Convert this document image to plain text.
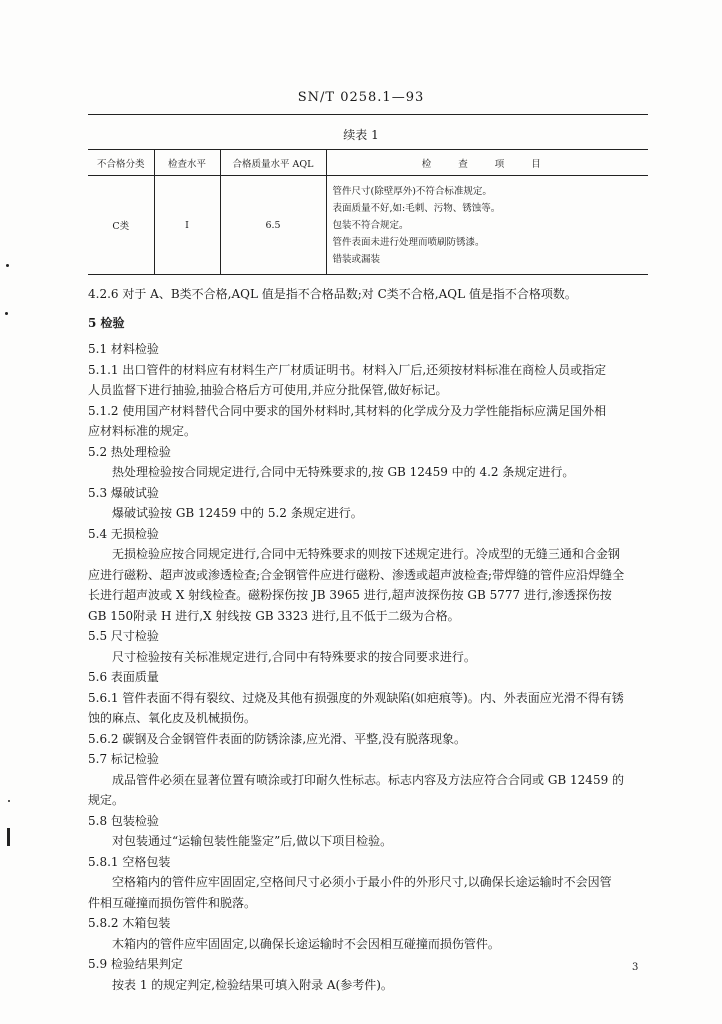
SN/T 0258.1—93
续表 1
不合格分类	检查水平	合格质量水平 AQL	检 查 项 目
C类	Ⅰ	6.5	管件尺寸(除壁厚外)不符合标准规定。
表面质量不好,如:毛刺、污物、锈蚀等。
包装不符合规定。
管件表面未进行处理而喷刷防锈漆。
错装或漏装
4.2.6 对于 A、B类不合格,AQL 值是指不合格品数;对 C类不合格,AQL 值是指不合格项数。
5 检验
5.1 材料检验
5.1.1 出口管件的材料应有材料生产厂材质证明书。材料入厂后,还须按材料标准在商检人员或指定
人员监督下进行抽验,抽验合格后方可使用,并应分批保管,做好标记。
5.1.2 使用国产材料替代合同中要求的国外材料时,其材料的化学成分及力学性能指标应满足国外相
应材料标准的规定。
5.2 热处理检验
热处理检验按合同规定进行,合同中无特殊要求的,按 GB 12459 中的 4.2 条规定进行。
5.3 爆破试验
爆破试验按 GB 12459 中的 5.2 条规定进行。
5.4 无损检验
无损检验应按合同规定进行,合同中无特殊要求的则按下述规定进行。冷成型的无缝三通和合金钢
应进行磁粉、超声波或渗透检查;合金钢管件应进行磁粉、渗透或超声波检查;带焊缝的管件应沿焊缝全
长进行超声波或 X 射线检查。磁粉探伤按 JB 3965 进行,超声波探伤按 GB 5777 进行,渗透探伤按
GB 150附录 H 进行,X 射线按 GB 3323 进行,且不低于二级为合格。
5.5 尺寸检验
尺寸检验按有关标准规定进行,合同中有特殊要求的按合同要求进行。
5.6 表面质量
5.6.1 管件表面不得有裂纹、过烧及其他有损强度的外观缺陷(如疤痕等)。内、外表面应光滑不得有锈
蚀的麻点、氧化皮及机械损伤。
5.6.2 碳钢及合金钢管件表面的防锈涂漆,应光滑、平整,没有脱落现象。
5.7 标记检验
成品管件必须在显著位置有喷涂或打印耐久性标志。标志内容及方法应符合合同或 GB 12459 的
规定。
5.8 包装检验
对包装通过“运输包装性能鉴定”后,做以下项目检验。
5.8.1 空格包装
空格箱内的管件应牢固固定,空格间尺寸必须小于最小件的外形尺寸,以确保长途运输时不会因管
件相互碰撞而损伤管件和脱落。
5.8.2 木箱包装
木箱内的管件应牢固固定,以确保长途运输时不会因相互碰撞而损伤管件。
5.9 检验结果判定
按表 1 的规定判定,检验结果可填入附录 A(参考件)。
3
